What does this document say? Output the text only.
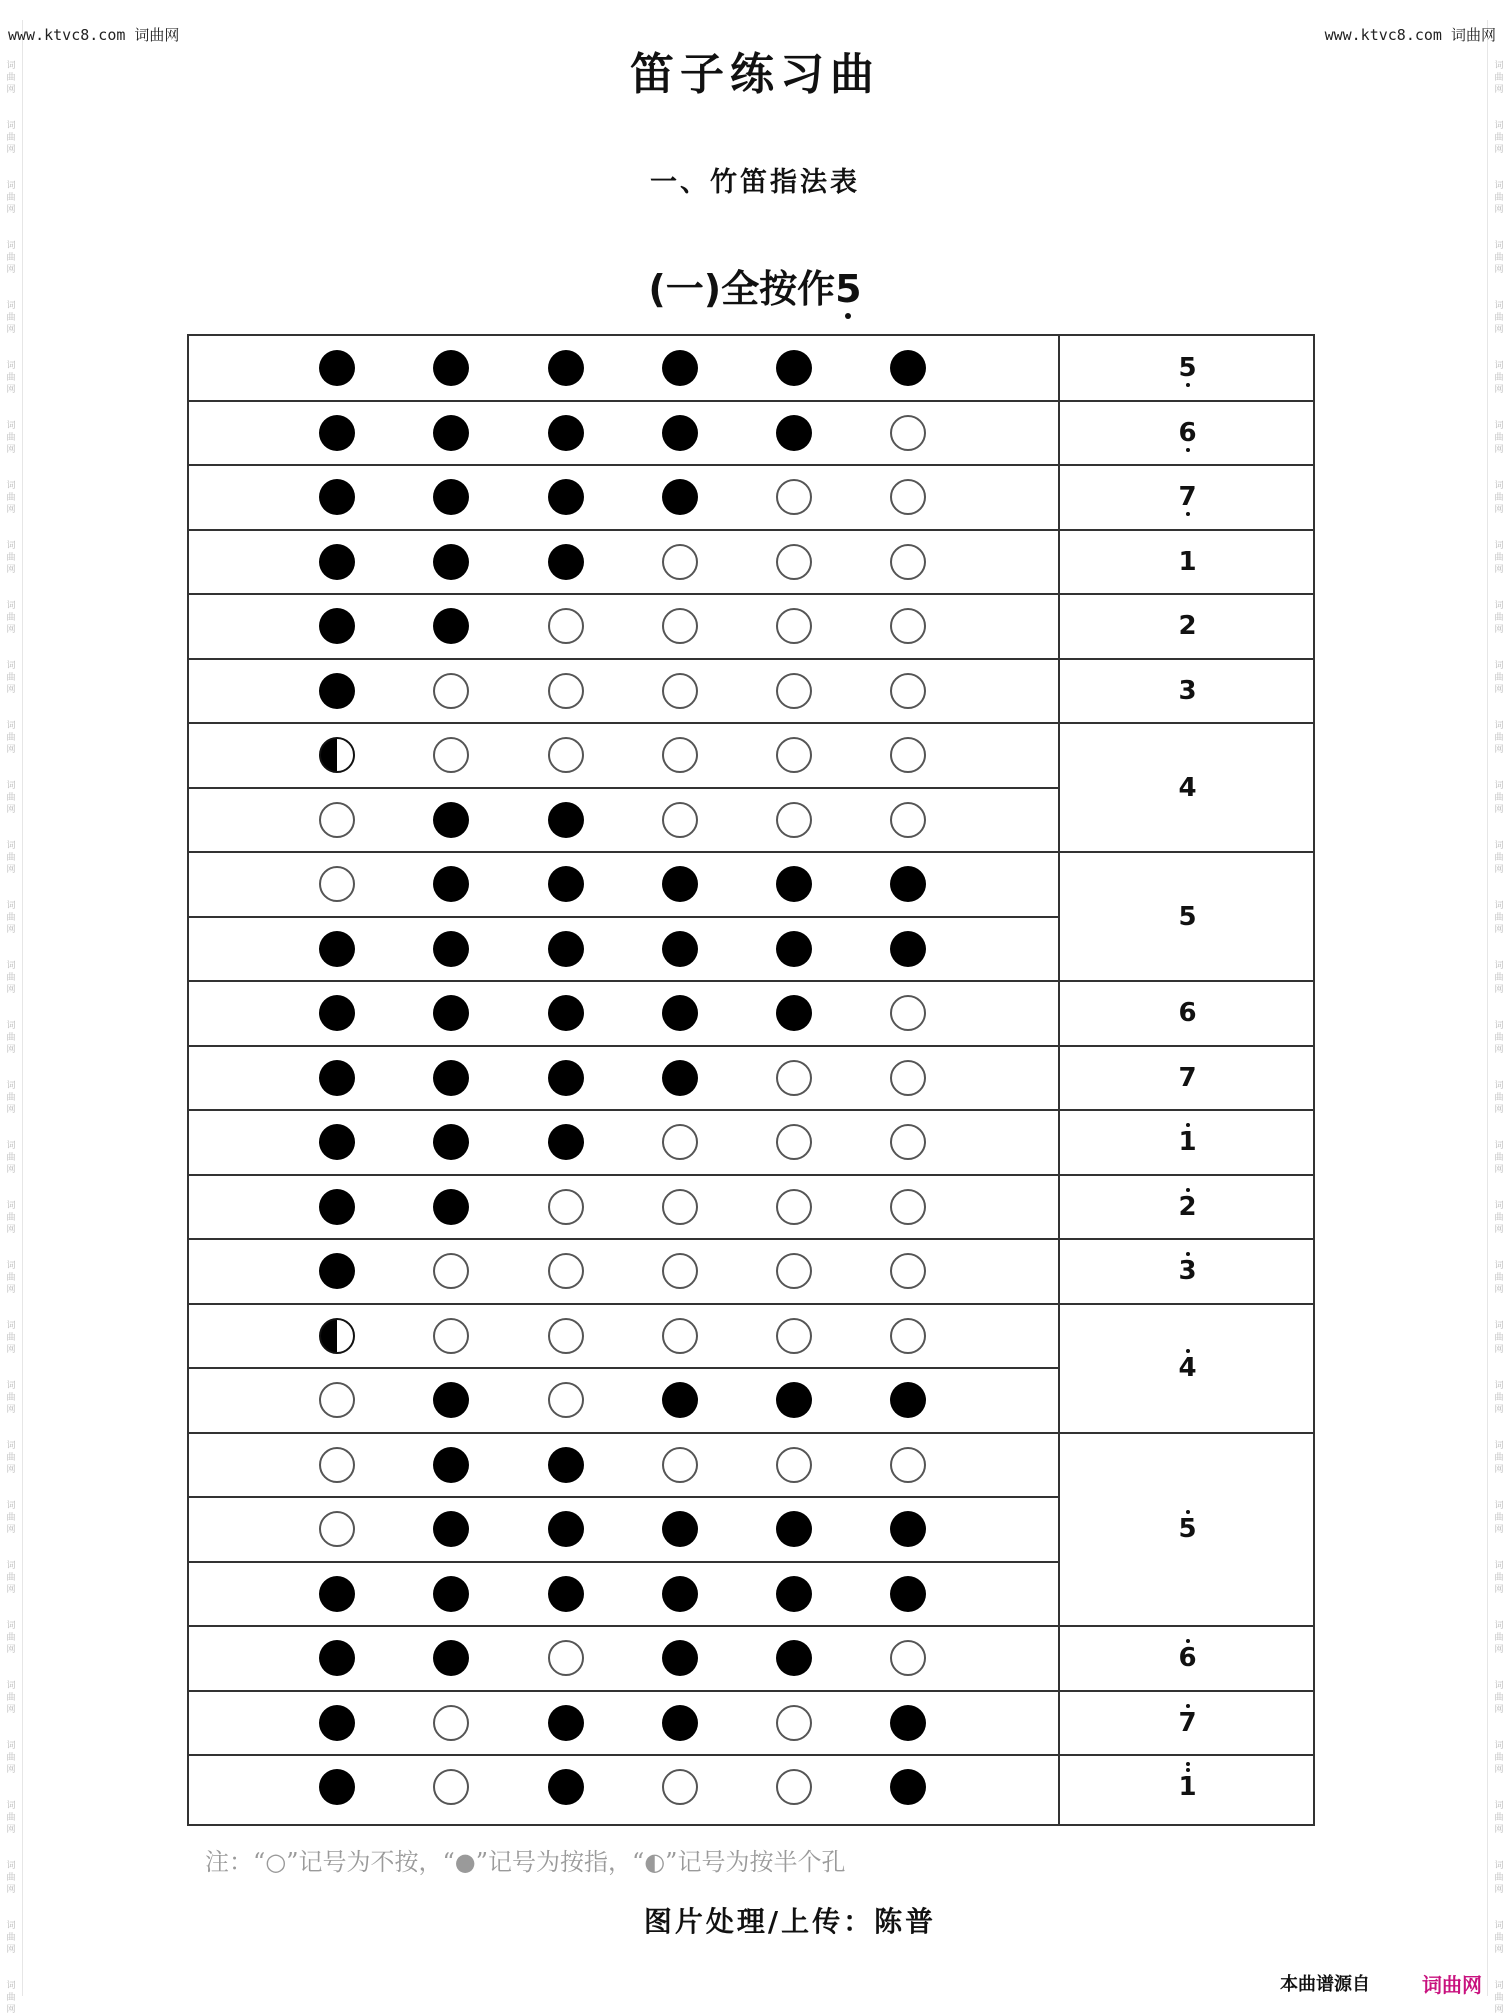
词
曲
网
词
曲
网
词
曲
网
词
曲
网
词
曲
网
词
曲
网
词
曲
网
词
曲
网
词
曲
网
词
曲
网
词
曲
网
词
曲
网
词
曲
网
词
曲
网
词
曲
网
词
曲
网
词
曲
网
词
曲
网
词
曲
网
词
曲
网
词
曲
网
词
曲
网
词
曲
网
词
曲
网
词
曲
网
词
曲
网
词
曲
网
词
曲
网
词
曲
网
词
曲
网
词
曲
网
词
曲
网
词
曲
网
词
曲
网
词
曲
网
词
曲
网
词
曲
网
词
曲
网
词
曲
网
词
曲
网
词
曲
网
词
曲
网
词
曲
网
词
曲
网
词
曲
网
词
曲
网
词
曲
网
词
曲
网
词
曲
网
词
曲
网
词
曲
网
词
曲
网
词
曲
网
词
曲
网
词
曲
网
词
曲
网
词
曲
网
词
曲
网
词
曲
网
词
曲
网
词
曲
网
词
曲
网
词
曲
网
词
曲
网
词
曲
网
词
曲
网
www.ktvc8.com 词曲网	www.ktvc8.com 词曲网
笛子练习曲
一、竹笛指法表
(一)全按作5
5
6
7
1
2
3
4
5
6
7
1
2
3
4
5
6
7
1
注：“○”记号为不按，“●”记号为按指，“◐”记号为按半个孔
图片处理/上传：陈普
本曲谱源自	词曲网
